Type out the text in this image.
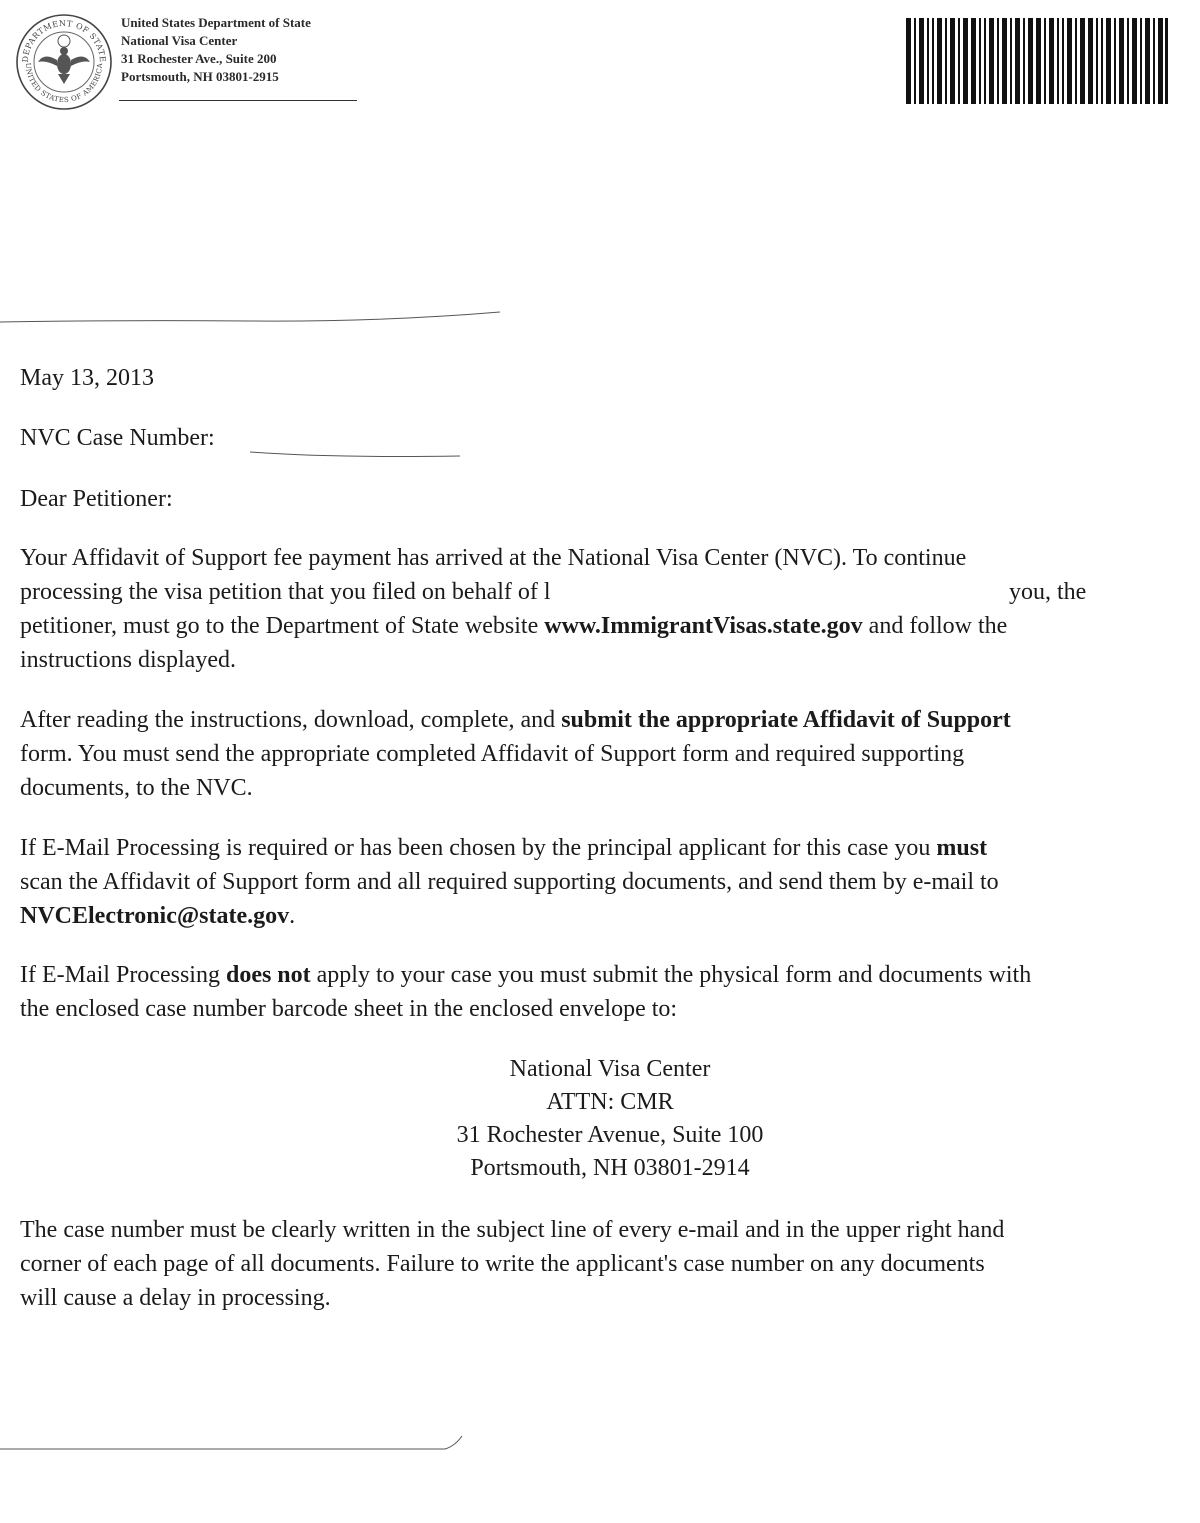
DEPARTMENT OF STATE
UNITED STATES OF AMERICA
United States Department of State
National Visa Center
31 Rochester Ave., Suite 200
Portsmouth, NH 03801-2915
May 13, 2013
NVC Case Number:
Dear Petitioner:
Your Affidavit of Support fee payment has arrived at the National Visa Center (NVC). To continue
processing the visa petition that you filed on behalf of l	you, the
petitioner, must go to the Department of State website www.ImmigrantVisas.state.gov and follow the
instructions displayed.
After reading the instructions, download, complete, and submit the appropriate Affidavit of Support
form. You must send the appropriate completed Affidavit of Support form and required supporting
documents, to the NVC.
If E-Mail Processing is required or has been chosen by the principal applicant for this case you must
scan the Affidavit of Support form and all required supporting documents, and send them by e-mail to
NVCElectronic@state.gov.
If E-Mail Processing does not apply to your case you must submit the physical form and documents with
the enclosed case number barcode sheet in the enclosed envelope to:
National Visa Center
ATTN: CMR
31 Rochester Avenue, Suite 100
Portsmouth, NH 03801-2914
The case number must be clearly written in the subject line of every e-mail and in the upper right hand
corner of each page of all documents. Failure to write the applicant's case number on any documents
will cause a delay in processing.
